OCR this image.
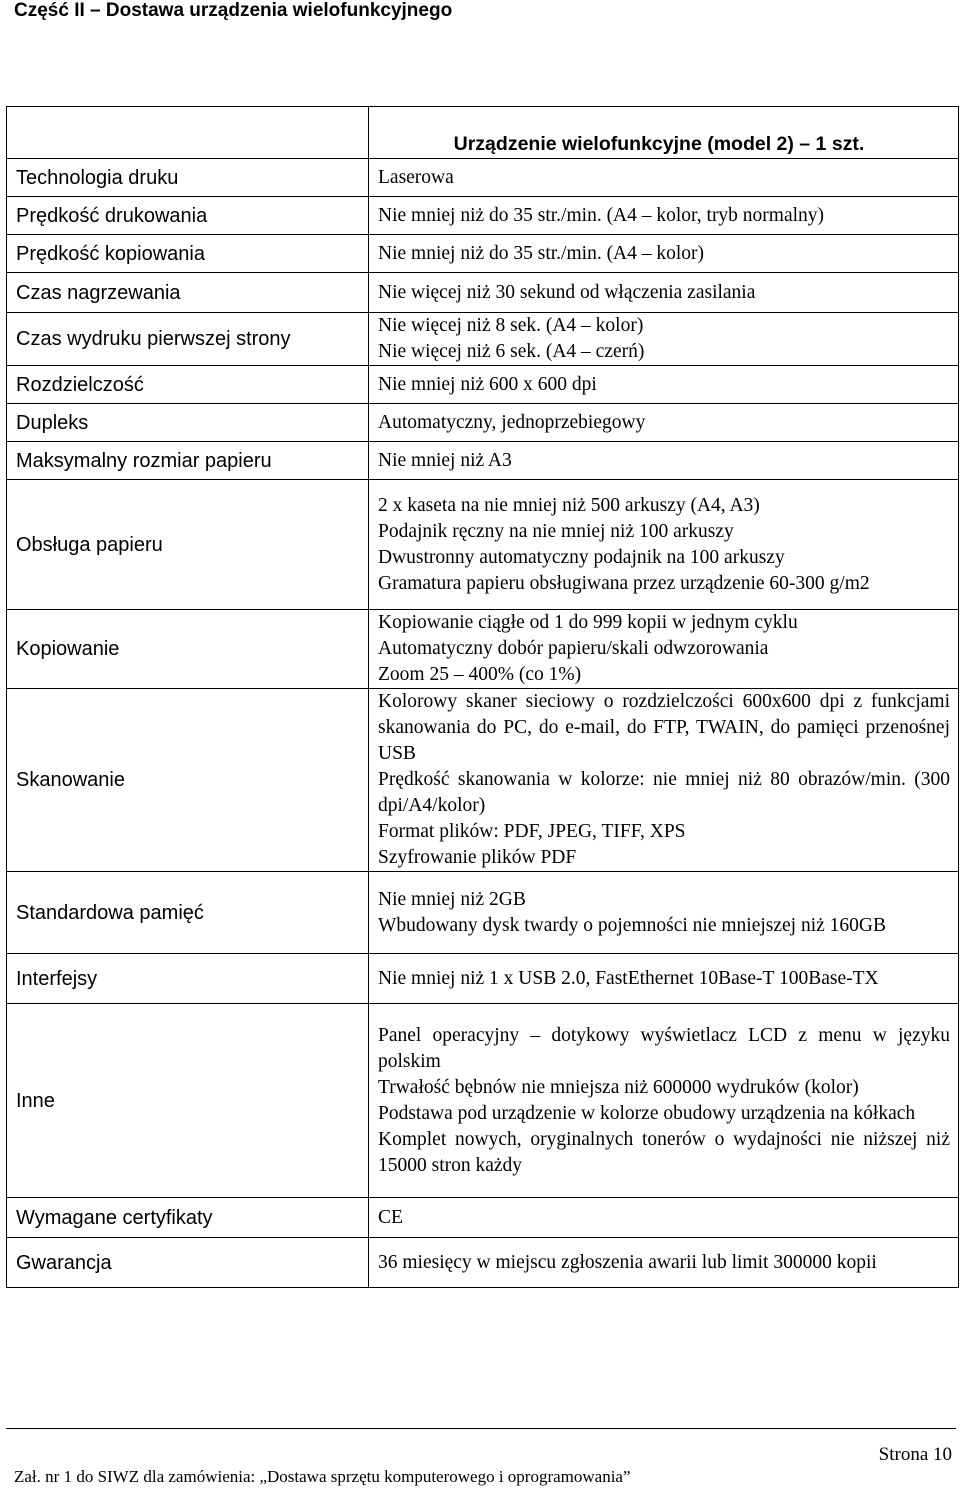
Część II – Dostawa urządzenia wielofunkcyjnego

	Urządzenie wielofunkcyjne (model 2) – 1 szt.

Technologia druku	Laserowa

Prędkość drukowania	Nie mniej niż do 35 str./min. (A4 – kolor, tryb normalny)

Prędkość kopiowania	Nie mniej niż do 35 str./min. (A4 – kolor)

Czas nagrzewania	Nie więcej niż 30 sekund od włączenia zasilania

Czas wydruku pierwszej strony	Nie więcej niż 8 sek. (A4 – kolor)
Nie więcej niż 6 sek. (A4 – czerń)

Rozdzielczość	Nie mniej niż 600 x 600 dpi

Dupleks	Automatyczny, jednoprzebiegowy

Maksymalny rozmiar papieru	Nie mniej niż A3

Obsługa papieru	2 x kaseta na nie mniej niż 500 arkuszy (A4, A3)
Podajnik ręczny na nie mniej niż 100 arkuszy
Dwustronny automatyczny podajnik na 100 arkuszy
Gramatura papieru obsługiwana przez urządzenie 60-300 g/m2

Kopiowanie	Kopiowanie ciągłe od 1 do 999 kopii w jednym cyklu
Automatyczny dobór papieru/skali odwzorowania
Zoom 25 – 400% (co 1%)

Skanowanie	Kolorowy skaner sieciowy o rozdzielczości 600x600 dpi z funkcjami skanowania do PC, do e-mail, do FTP, TWAIN, do pamięci przenośnej USB
Prędkość skanowania w kolorze: nie mniej niż 80 obrazów/min. (300 dpi/A4/kolor)
Format plików: PDF, JPEG, TIFF, XPS
Szyfrowanie plików PDF

Standardowa pamięć	Nie mniej niż 2GB
Wbudowany dysk twardy o pojemności nie mniejszej niż 160GB

Interfejsy	Nie mniej niż 1 x USB 2.0, FastEthernet 10Base-T 100Base-TX

Inne	Panel operacyjny – dotykowy wyświetlacz LCD z menu w języku polskim
Trwałość bębnów nie mniejsza niż 600000 wydruków (kolor)
Podstawa pod urządzenie w kolorze obudowy urządzenia na kółkach
Komplet nowych, oryginalnych tonerów o wydajności nie niższej niż 15000 stron każdy

Wymagane certyfikaty	CE

Gwarancja	36 miesięcy w miejscu zgłoszenia awarii lub limit 300000 kopii
Strona 10
Zał. nr 1 do SIWZ dla zamówienia: „Dostawa sprzętu komputerowego i oprogramowania”
